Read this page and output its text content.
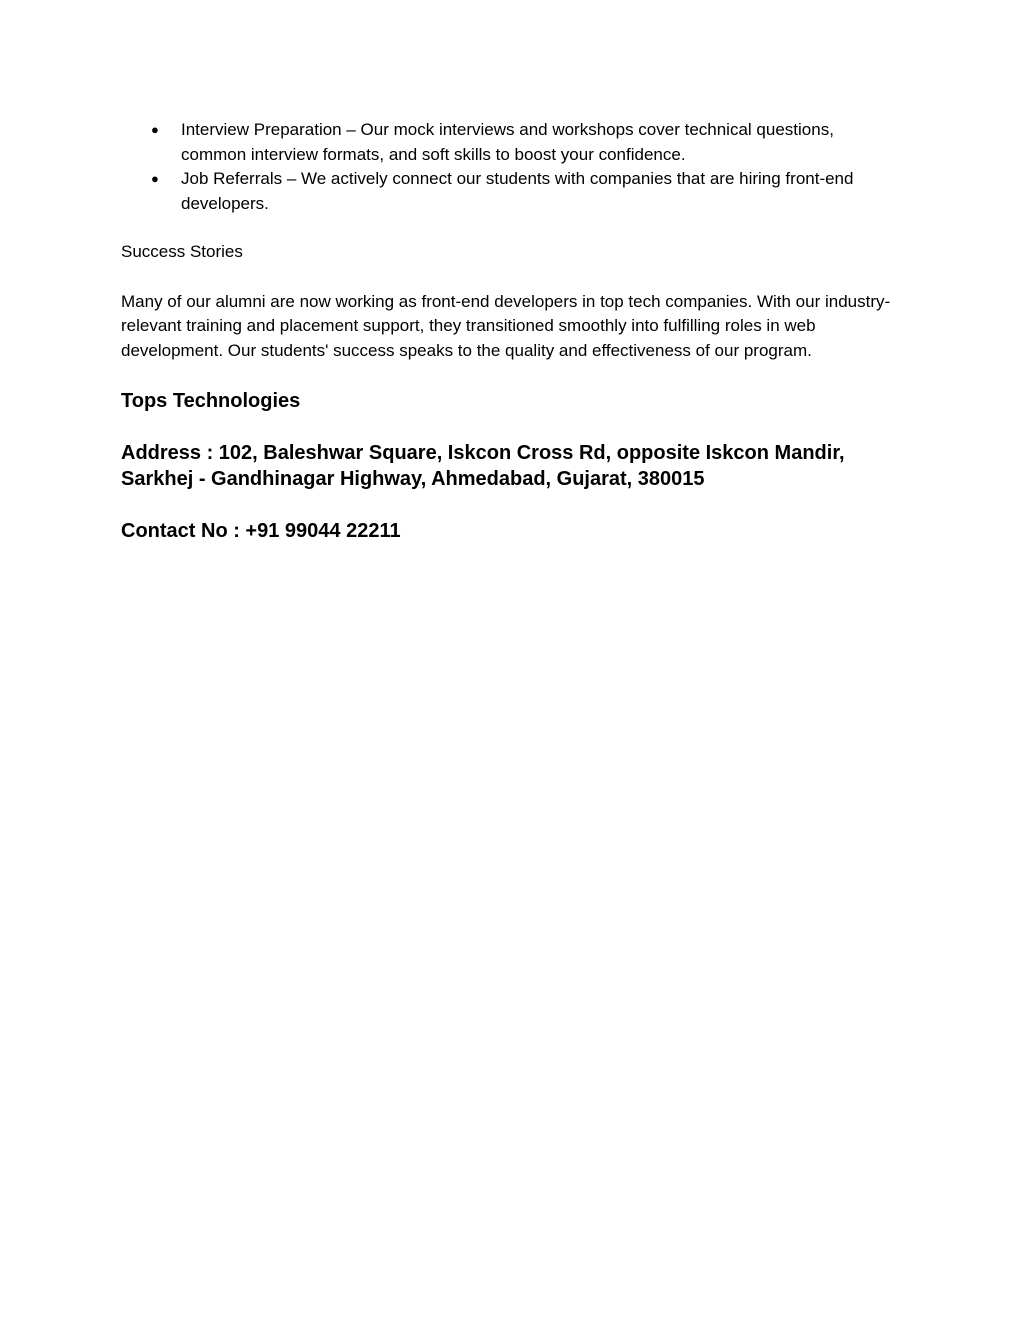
● Interview Preparation – Our mock interviews and workshops cover technical questions, common interview formats, and soft skills to boost your confidence.
● Job Referrals – We actively connect our students with companies that are hiring front-end developers.

Success Stories

Many of our alumni are now working as front-end developers in top tech companies. With our industry-relevant training and placement support, they transitioned smoothly into fulfilling roles in web development. Our students' success speaks to the quality and effectiveness of our program.

Tops Technologies

Address : 102, Baleshwar Square, Iskcon Cross Rd, opposite Iskcon Mandir, Sarkhej - Gandhinagar Highway, Ahmedabad, Gujarat, 380015

Contact No : +91 99044 22211
